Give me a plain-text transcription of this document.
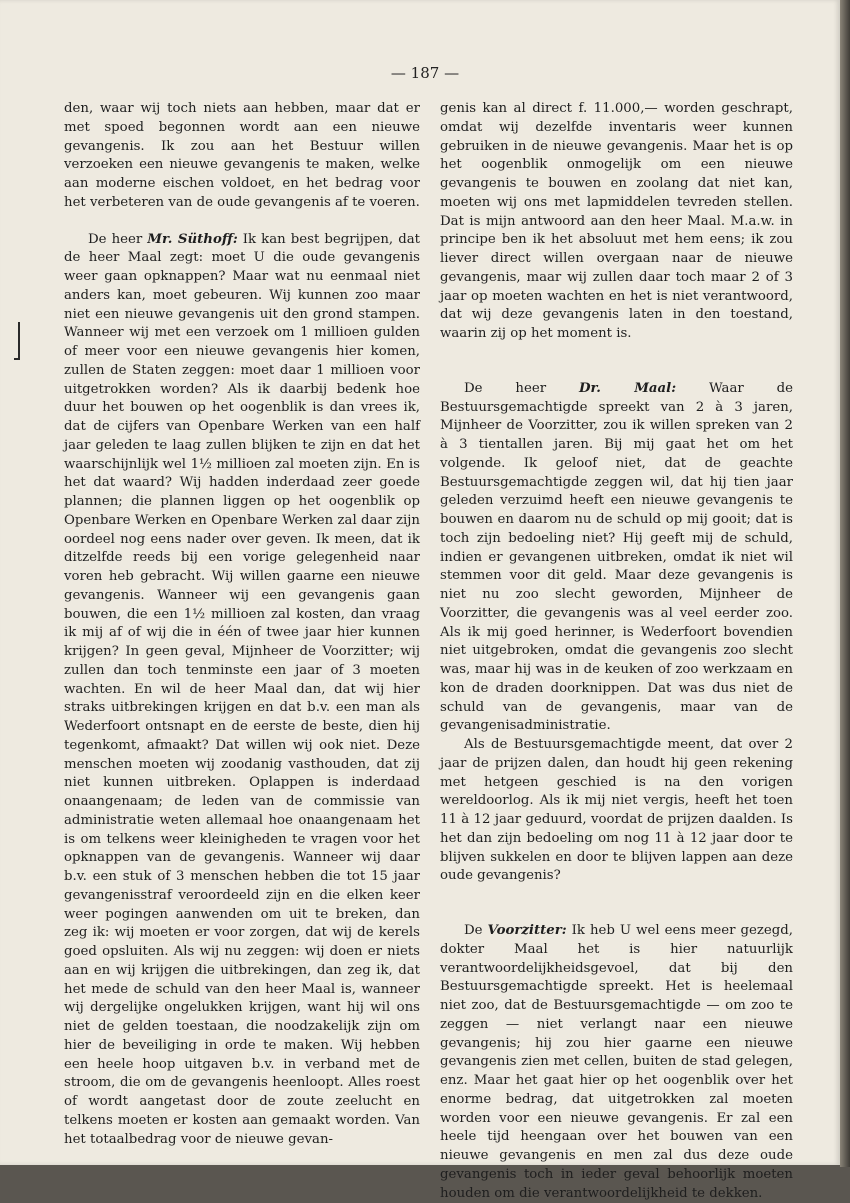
— 187 —

den, waar wij toch niets aan hebben, maar dat er met spoed begonnen wordt aan een nieuwe gevangenis. Ik zou aan het Bestuur willen verzoeken een nieuwe gevangenis te maken, welke aan moderne eischen voldoet, en het bedrag voor het verbeteren van de oude gevangenis af te voeren.

De heer Mr. Süthoff: Ik kan best begrijpen, dat de heer Maal zegt: moet U die oude gevangenis weer gaan opknappen? Maar wat nu eenmaal niet anders kan, moet gebeuren. Wij kunnen zoo maar niet een nieuwe gevangenis uit den grond stampen. Wanneer wij met een verzoek om 1 millioen gulden of meer voor een nieuwe gevangenis hier komen, zullen de Staten zeggen: moet daar 1 millioen voor uitgetrokken worden? Als ik daarbij bedenk hoe duur het bouwen op het oogenblik is dan vrees ik, dat de cijfers van Openbare Werken van een half jaar geleden te laag zullen blijken te zijn en dat het waarschijnlijk wel 1½ millioen zal moeten zijn. En is het dat waard? Wij hadden inderdaad zeer goede plannen; die plannen liggen op het oogenblik op Openbare Werken en Openbare Werken zal daar zijn oordeel nog eens nader over geven. Ik meen, dat ik ditzelfde reeds bij een vorige gelegenheid naar voren heb gebracht. Wij willen gaarne een nieuwe gevangenis. Wanneer wij een gevangenis gaan bouwen, die een 1½ millioen zal kosten, dan vraag ik mij af of wij die in één of twee jaar hier kunnen krijgen? In geen geval, Mijnheer de Voorzitter; wij zullen dan toch tenminste een jaar of 3 moeten wachten. En wil de heer Maal dan, dat wij hier straks uitbrekingen krijgen en dat b.v. een man als Wederfoort ontsnapt en de eerste de beste, dien hij tegenkomt, afmaakt? Dat willen wij ook niet. Deze menschen moeten wij zoodanig vasthouden, dat zij niet kunnen uitbreken. Oplappen is inderdaad onaangenaam; de leden van de commissie van administratie weten allemaal hoe onaangenaam het is om telkens weer kleinigheden te vragen voor het opknappen van de gevangenis. Wanneer wij daar b.v. een stuk of 3 menschen hebben die tot 15 jaar gevangenisstraf veroordeeld zijn en die elken keer weer pogingen aanwenden om uit te breken, dan zeg ik: wij moeten er voor zorgen, dat wij de kerels goed opsluiten. Als wij nu zeggen: wij doen er niets aan en wij krijgen die uitbrekingen, dan zeg ik, dat het mede de schuld van den heer Maal is, wanneer wij dergelijke ongelukken krijgen, want hij wil ons niet de gelden toestaan, die noodzakelijk zijn om hier de beveiliging in orde te maken. Wij hebben een heele hoop uitgaven b.v. in verband met de stroom, die om de gevangenis heenloopt. Alles roest of wordt aangetast door de zoute zeelucht en telkens moeten er kosten aan gemaakt worden. Van het totaalbedrag voor de nieuwe gevan-

genis kan al direct f. 11.000,— worden geschrapt, omdat wij dezelfde inventaris weer kunnen gebruiken in de nieuwe gevangenis. Maar het is op het oogenblik onmogelijk om een nieuwe gevangenis te bouwen en zoolang dat niet kan, moeten wij ons met lapmiddelen tevreden stellen. Dat is mijn antwoord aan den heer Maal. M.a.w. in principe ben ik het absoluut met hem eens; ik zou liever direct willen overgaan naar de nieuwe gevangenis, maar wij zullen daar toch maar 2 of 3 jaar op moeten wachten en het is niet verantwoord, dat wij deze gevangenis laten in den toestand, waarin zij op het moment is.

De heer Dr. Maal: Waar de Bestuursgemachtigde spreekt van 2 à 3 jaren, Mijnheer de Voorzitter, zou ik willen spreken van 2 à 3 tientallen jaren. Bij mij gaat het om het volgende. Ik geloof niet, dat de geachte Bestuursgemachtigde zeggen wil, dat hij tien jaar geleden verzuimd heeft een nieuwe gevangenis te bouwen en daarom nu de schuld op mij gooit; dat is toch zijn bedoeling niet? Hij geeft mij de schuld, indien er gevangenen uitbreken, omdat ik niet wil stemmen voor dit geld. Maar deze gevangenis is niet nu zoo slecht geworden, Mijnheer de Voorzitter, die gevangenis was al veel eerder zoo. Als ik mij goed herinner, is Wederfoort bovendien niet uitgebroken, omdat die gevangenis zoo slecht was, maar hij was in de keuken of zoo werkzaam en kon de draden doorknippen. Dat was dus niet de schuld van de gevangenis, maar van de gevangenisadministratie.

Als de Bestuursgemachtigde meent, dat over 2 jaar de prijzen dalen, dan houdt hij geen rekening met hetgeen geschied is na den vorigen wereldoorlog. Als ik mij niet vergis, heeft het toen 11 à 12 jaar geduurd, voordat de prijzen daalden. Is het dan zijn bedoeling om nog 11 à 12 jaar door te blijven sukkelen en door te blijven lappen aan deze oude gevangenis?

De Voorzitter: Ik heb U wel eens meer gezegd, dokter Maal het is hier natuurlijk verantwoordelijkheidsgevoel, dat bij den Bestuursgemachtigde spreekt. Het is heelemaal niet zoo, dat de Bestuursgemachtigde — om zoo te zeggen — niet verlangt naar een nieuwe gevangenis; hij zou hier gaarne een nieuwe gevangenis zien met cellen, buiten de stad gelegen, enz. Maar het gaat hier op het oogenblik over het enorme bedrag, dat uitgetrokken zal moeten worden voor een nieuwe gevangenis. Er zal een heele tijd heengaan over het bouwen van een nieuwe gevangenis en men zal dus deze oude gevangenis toch in ieder geval behoorlijk moeten houden om die verantwoordelijkheid te dekken.
